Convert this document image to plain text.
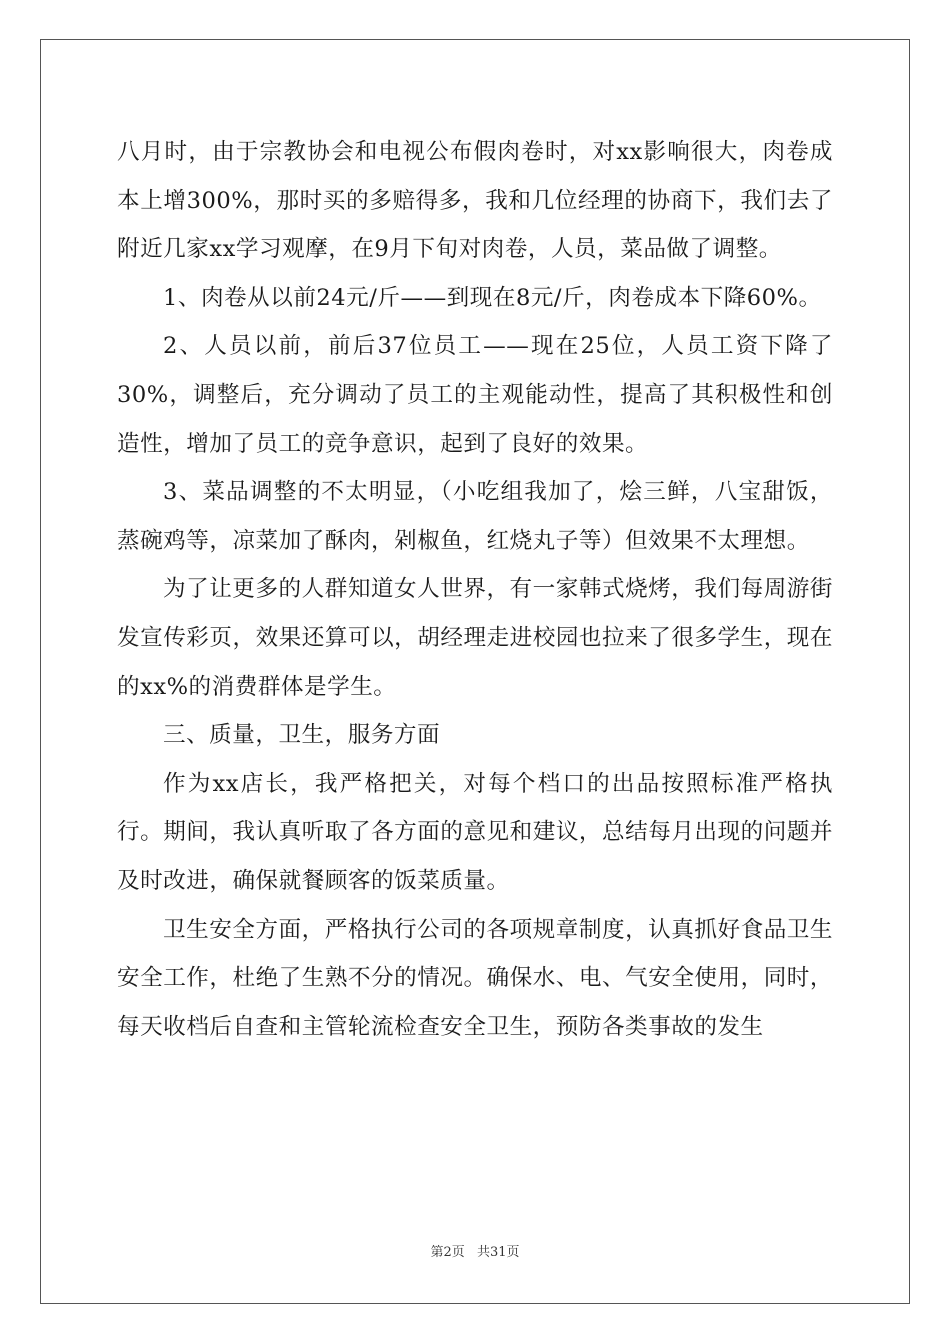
八月时，由于宗教协会和电视公布假肉卷时，对xx影响很大，肉卷成本上增300%，那时买的多赔得多，我和几位经理的协商下，我们去了附近几家xx学习观摩，在9月下旬对肉卷，人员，菜品做了调整。

1、肉卷从以前24元/斤——到现在8元/斤，肉卷成本下降60%。

2、人员以前，前后37位员工——现在25位，人员工资下降了30%，调整后，充分调动了员工的主观能动性，提高了其积极性和创造性，增加了员工的竞争意识，起到了良好的效果。

3、菜品调整的不太明显，（小吃组我加了，烩三鲜，八宝甜饭，蒸碗鸡等，凉菜加了酥肉，剁椒鱼，红烧丸子等）但效果不太理想。

为了让更多的人群知道女人世界，有一家韩式烧烤，我们每周游街发宣传彩页，效果还算可以，胡经理走进校园也拉来了很多学生，现在的xx%的消费群体是学生。

三、质量，卫生，服务方面

作为xx店长，我严格把关，对每个档口的出品按照标准严格执行。期间，我认真听取了各方面的意见和建议，总结每月出现的问题并及时改进，确保就餐顾客的饭菜质量。

卫生安全方面，严格执行公司的各项规章制度，认真抓好食品卫生安全工作，杜绝了生熟不分的情况。确保水、电、气安全使用，同时，每天收档后自查和主管轮流检查安全卫生，预防各类事故的发生

第2页 共31页
